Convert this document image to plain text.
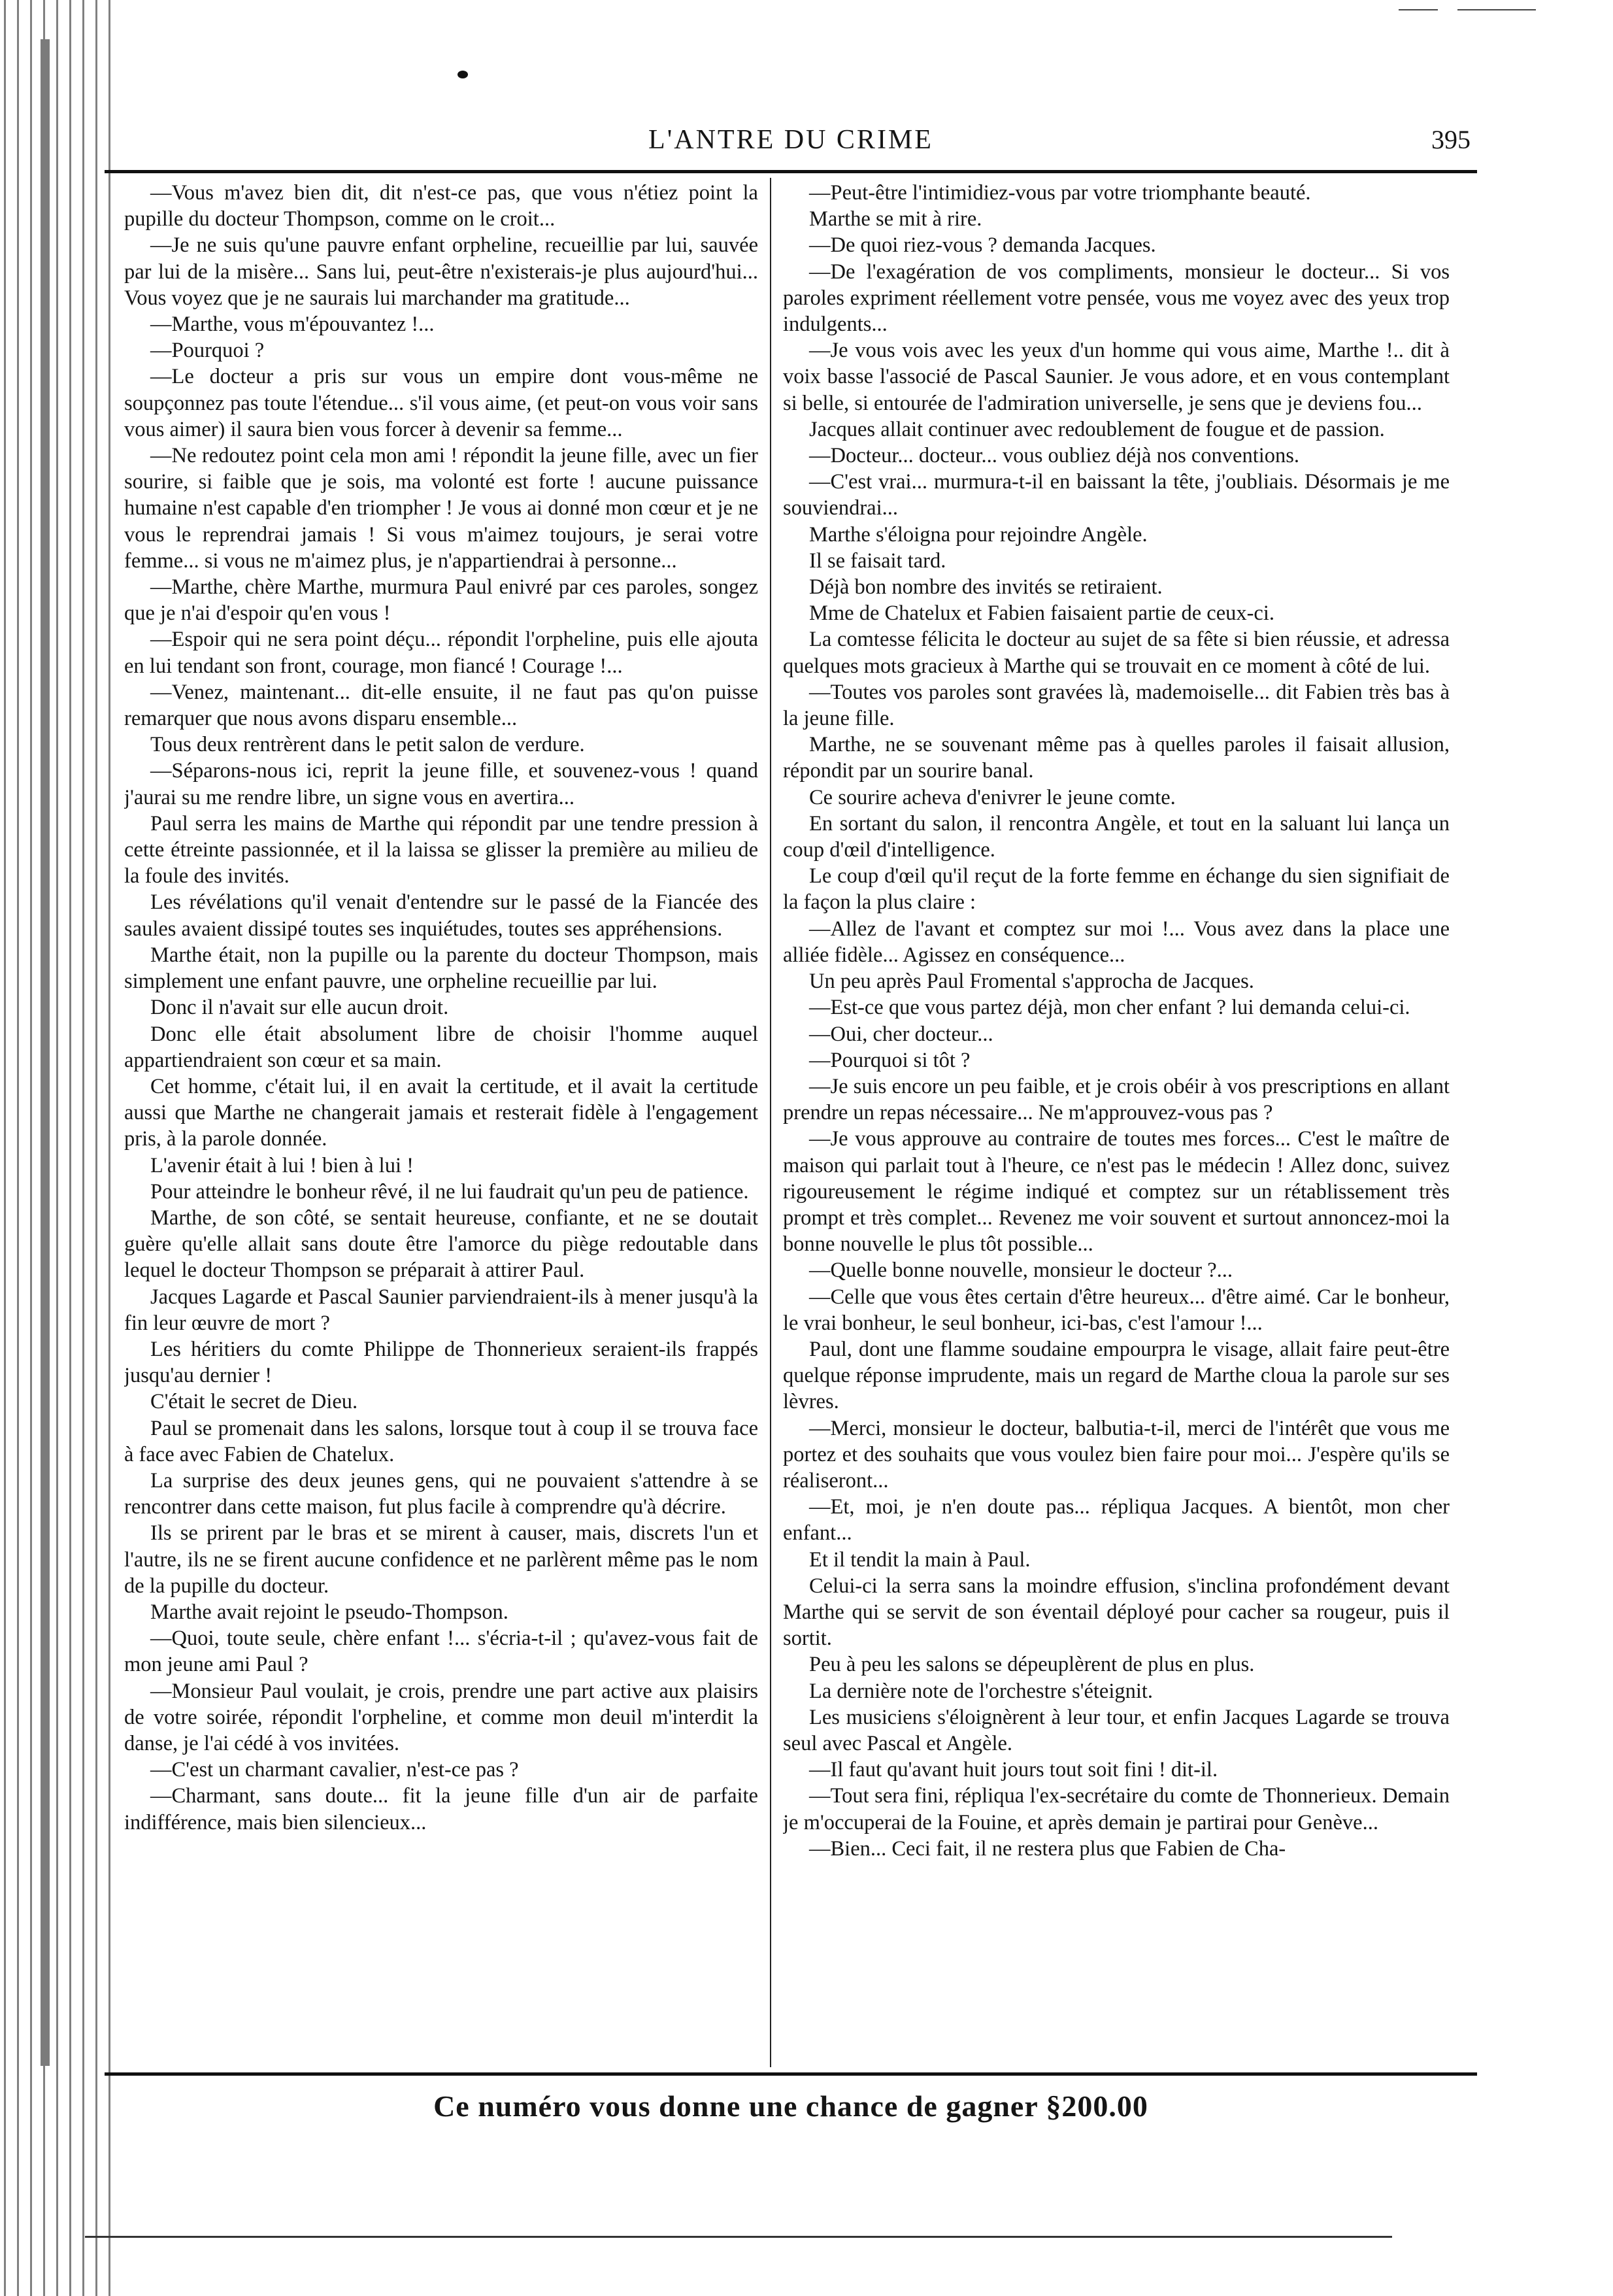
L'ANTRE DU CRIME	395

—Vous m'avez bien dit, dit n'est-ce pas, que vous n'étiez point la pupille du docteur Thompson, comme on le croit...

—Je ne suis qu'une pauvre enfant orpheline, recueillie par lui, sauvée par lui de la misère... Sans lui, peut-être n'existerais-je plus aujourd'hui... Vous voyez que je ne saurais lui marchander ma gratitude...

—Marthe, vous m'épouvantez !...

—Pourquoi ?

—Le docteur a pris sur vous un empire dont vous-même ne soupçonnez pas toute l'étendue... s'il vous aime, (et peut-on vous voir sans vous aimer) il saura bien vous forcer à devenir sa femme...

—Ne redoutez point cela mon ami ! répondit la jeune fille, avec un fier sourire, si faible que je sois, ma volonté est forte ! aucune puissance humaine n'est capable d'en triompher ! Je vous ai donné mon cœur et je ne vous le reprendrai jamais ! Si vous m'aimez toujours, je serai votre femme... si vous ne m'aimez plus, je n'appartiendrai à personne...

—Marthe, chère Marthe, murmura Paul enivré par ces paroles, songez que je n'ai d'espoir qu'en vous !

—Espoir qui ne sera point déçu... répondit l'orpheline, puis elle ajouta en lui tendant son front, courage, mon fiancé ! Courage !...

—Venez, maintenant... dit-elle ensuite, il ne faut pas qu'on puisse remarquer que nous avons disparu ensemble...

Tous deux rentrèrent dans le petit salon de verdure.

—Séparons-nous ici, reprit la jeune fille, et souvenez-vous ! quand j'aurai su me rendre libre, un signe vous en avertira...

Paul serra les mains de Marthe qui répondit par une tendre pression à cette étreinte passionnée, et il la laissa se glisser la première au milieu de la foule des invités.

Les révélations qu'il venait d'entendre sur le passé de la Fiancée des saules avaient dissipé toutes ses inquiétudes, toutes ses appréhensions.

Marthe était, non la pupille ou la parente du docteur Thompson, mais simplement une enfant pauvre, une orpheline recueillie par lui.

Donc il n'avait sur elle aucun droit.

Donc elle était absolument libre de choisir l'homme auquel appartiendraient son cœur et sa main.

Cet homme, c'était lui, il en avait la certitude, et il avait la certitude aussi que Marthe ne changerait jamais et resterait fidèle à l'engagement pris, à la parole donnée.

L'avenir était à lui ! bien à lui !

Pour atteindre le bonheur rêvé, il ne lui faudrait qu'un peu de patience.

Marthe, de son côté, se sentait heureuse, confiante, et ne se doutait guère qu'elle allait sans doute être l'amorce du piège redoutable dans lequel le docteur Thompson se préparait à attirer Paul.

Jacques Lagarde et Pascal Saunier parviendraient-ils à mener jusqu'à la fin leur œuvre de mort ?

Les héritiers du comte Philippe de Thonnerieux seraient-ils frappés jusqu'au dernier !

C'était le secret de Dieu.

Paul se promenait dans les salons, lorsque tout à coup il se trouva face à face avec Fabien de Chatelux.

La surprise des deux jeunes gens, qui ne pouvaient s'attendre à se rencontrer dans cette maison, fut plus facile à comprendre qu'à décrire.

Ils se prirent par le bras et se mirent à causer, mais, discrets l'un et l'autre, ils ne se firent aucune confidence et ne parlèrent même pas le nom de la pupille du docteur.

Marthe avait rejoint le pseudo-Thompson.

—Quoi, toute seule, chère enfant !... s'écria-t-il ; qu'avez-vous fait de mon jeune ami Paul ?

—Monsieur Paul voulait, je crois, prendre une part active aux plaisirs de votre soirée, répondit l'orpheline, et comme mon deuil m'interdit la danse, je l'ai cédé à vos invitées.

—C'est un charmant cavalier, n'est-ce pas ?

—Charmant, sans doute... fit la jeune fille d'un air de parfaite indifférence, mais bien silencieux...

—Peut-être l'intimidiez-vous par votre triomphante beauté.

Marthe se mit à rire.

—De quoi riez-vous ? demanda Jacques.

—De l'exagération de vos compliments, monsieur le docteur... Si vos paroles expriment réellement votre pensée, vous me voyez avec des yeux trop indulgents...

—Je vous vois avec les yeux d'un homme qui vous aime, Marthe !.. dit à voix basse l'associé de Pascal Saunier. Je vous adore, et en vous contemplant si belle, si entourée de l'admiration universelle, je sens que je deviens fou...

Jacques allait continuer avec redoublement de fougue et de passion.

—Docteur... docteur... vous oubliez déjà nos conventions.

—C'est vrai... murmura-t-il en baissant la tête, j'oubliais. Désormais je me souviendrai...

Marthe s'éloigna pour rejoindre Angèle.

Il se faisait tard.

Déjà bon nombre des invités se retiraient.

Mme de Chatelux et Fabien faisaient partie de ceux-ci.

La comtesse félicita le docteur au sujet de sa fête si bien réussie, et adressa quelques mots gracieux à Marthe qui se trouvait en ce moment à côté de lui.

—Toutes vos paroles sont gravées là, mademoiselle... dit Fabien très bas à la jeune fille.

Marthe, ne se souvenant même pas à quelles paroles il faisait allusion, répondit par un sourire banal.

Ce sourire acheva d'enivrer le jeune comte.

En sortant du salon, il rencontra Angèle, et tout en la saluant lui lança un coup d'œil d'intelligence.

Le coup d'œil qu'il reçut de la forte femme en échange du sien signifiait de la façon la plus claire :

—Allez de l'avant et comptez sur moi !... Vous avez dans la place une alliée fidèle... Agissez en conséquence...

Un peu après Paul Fromental s'approcha de Jacques.

—Est-ce que vous partez déjà, mon cher enfant ? lui demanda celui-ci.

—Oui, cher docteur...

—Pourquoi si tôt ?

—Je suis encore un peu faible, et je crois obéir à vos prescriptions en allant prendre un repas nécessaire... Ne m'approuvez-vous pas ?

—Je vous approuve au contraire de toutes mes forces... C'est le maître de maison qui parlait tout à l'heure, ce n'est pas le médecin ! Allez donc, suivez rigoureusement le régime indiqué et comptez sur un rétablissement très prompt et très complet... Revenez me voir souvent et surtout annoncez-moi la bonne nouvelle le plus tôt possible...

—Quelle bonne nouvelle, monsieur le docteur ?...

—Celle que vous êtes certain d'être heureux... d'être aimé. Car le bonheur, le vrai bonheur, le seul bonheur, ici-bas, c'est l'amour !...

Paul, dont une flamme soudaine empourpra le visage, allait faire peut-être quelque réponse imprudente, mais un regard de Marthe cloua la parole sur ses lèvres.

—Merci, monsieur le docteur, balbutia-t-il, merci de l'intérêt que vous me portez et des souhaits que vous voulez bien faire pour moi... J'espère qu'ils se réaliseront...

—Et, moi, je n'en doute pas... répliqua Jacques. A bientôt, mon cher enfant...

Et il tendit la main à Paul.

Celui-ci la serra sans la moindre effusion, s'inclina profondément devant Marthe qui se servit de son éventail déployé pour cacher sa rougeur, puis il sortit.

Peu à peu les salons se dépeuplèrent de plus en plus.

La dernière note de l'orchestre s'éteignit.

Les musiciens s'éloignèrent à leur tour, et enfin Jacques Lagarde se trouva seul avec Pascal et Angèle.

—Il faut qu'avant huit jours tout soit fini ! dit-il.

—Tout sera fini, répliqua l'ex-secrétaire du comte de Thonnerieux. Demain je m'occuperai de la Fouine, et après demain je partirai pour Genève...

—Bien... Ceci fait, il ne restera plus que Fabien de Cha-

Ce numéro vous donne une chance de gagner §200.00
